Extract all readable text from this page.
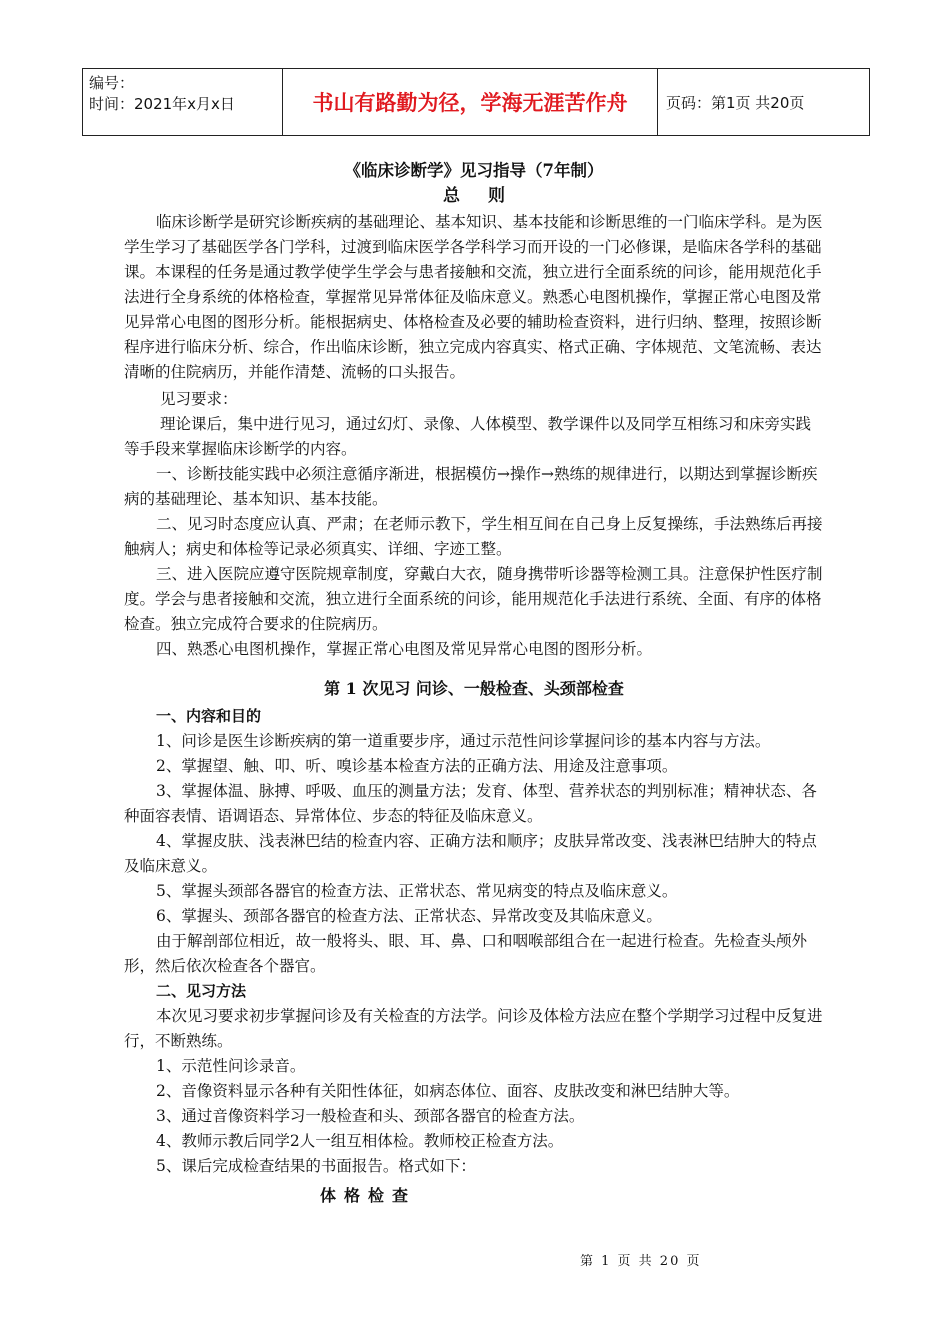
编号：
时间：2021年x月x日	书山有路勤为径，学海无涯苦作舟	页码：第1页 共20页

《临床诊断学》见习指导（7年制）

总则

临床诊断学是研究诊断疾病的基础理论、基本知识、基本技能和诊断思维的一门临床学科。是为医学生学习了基础医学各门学科，过渡到临床医学各学科学习而开设的一门必修课，是临床各学科的基础课。本课程的任务是通过教学使学生学会与患者接触和交流，独立进行全面系统的问诊，能用规范化手法进行全身系统的体格检查，掌握常见异常体征及临床意义。熟悉心电图机操作，掌握正常心电图及常见异常心电图的图形分析。能根据病史、体格检查及必要的辅助检查资料，进行归纳、整理，按照诊断程序进行临床分析、综合，作出临床诊断，独立完成内容真实、格式正确、字体规范、文笔流畅、表达清晰的住院病历，并能作清楚、流畅的口头报告。

见习要求：

理论课后，集中进行见习，通过幻灯、录像、人体模型、教学课件以及同学互相练习和床旁实践等手段来掌握临床诊断学的内容。

一、诊断技能实践中必须注意循序渐进，根据模仿→操作→熟练的规律进行，以期达到掌握诊断疾病的基础理论、基本知识、基本技能。

二、见习时态度应认真、严肃；在老师示教下，学生相互间在自己身上反复操练，手法熟练后再接触病人；病史和体检等记录必须真实、详细、字迹工整。

三、进入医院应遵守医院规章制度，穿戴白大衣，随身携带听诊器等检测工具。注意保护性医疗制度。学会与患者接触和交流，独立进行全面系统的问诊，能用规范化手法进行系统、全面、有序的体格检查。独立完成符合要求的住院病历。

四、熟悉心电图机操作，掌握正常心电图及常见异常心电图的图形分析。

第 1 次见习 问诊、一般检查、头颈部检查

一、内容和目的

1、问诊是医生诊断疾病的第一道重要步序，通过示范性问诊掌握问诊的基本内容与方法。

2、掌握望、触、叩、听、嗅诊基本检查方法的正确方法、用途及注意事项。

3、掌握体温、脉搏、呼吸、血压的测量方法；发育、体型、营养状态的判别标准；精神状态、各种面容表情、语调语态、异常体位、步态的特征及临床意义。

4、掌握皮肤、浅表淋巴结的检查内容、正确方法和顺序；皮肤异常改变、浅表淋巴结肿大的特点及临床意义。

5、掌握头颈部各器官的检查方法、正常状态、常见病变的特点及临床意义。

6、掌握头、颈部各器官的检查方法、正常状态、异常改变及其临床意义。

由于解剖部位相近，故一般将头、眼、耳、鼻、口和咽喉部组合在一起进行检查。先检查头颅外形，然后依次检查各个器官。

二、见习方法

本次见习要求初步掌握问诊及有关检查的方法学。问诊及体检方法应在整个学期学习过程中反复进行，不断熟练。

1、示范性问诊录音。

2、音像资料显示各种有关阳性体征，如病态体位、面容、皮肤改变和淋巴结肿大等。

3、通过音像资料学习一般检查和头、颈部各器官的检查方法。

4、教师示教后同学2人一组互相体检。教师校正检查方法。

5、课后完成检查结果的书面报告。格式如下：

体格检查

第 1 页 共 20 页
